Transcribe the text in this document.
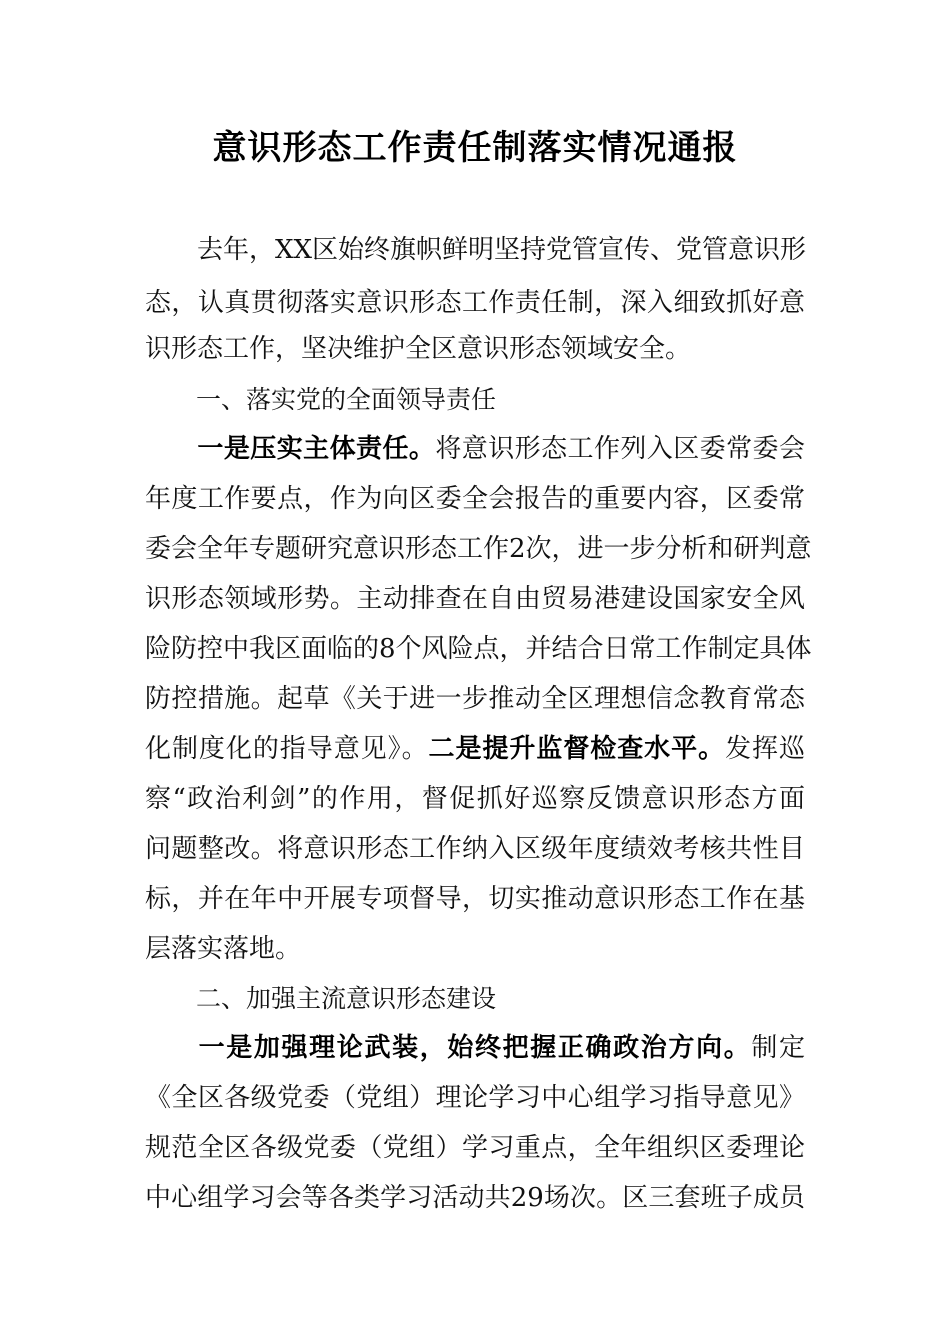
意识形态工作责任制落实情况通报
去年，XX区始终旗帜鲜明坚持党管宣传、党管意识形
态，认真贯彻落实意识形态工作责任制，深入细致抓好意
识形态工作，坚决维护全区意识形态领域安全。
一、落实党的全面领导责任
一是压实主体责任。将意识形态工作列入区委常委会
年度工作要点，作为向区委全会报告的重要内容，区委常
委会全年专题研究意识形态工作2次，进一步分析和研判意
识形态领域形势。主动排查在自由贸易港建设国家安全风
险防控中我区面临的8个风险点，并结合日常工作制定具体
防控措施。起草《关于进一步推动全区理想信念教育常态
化制度化的指导意见》。二是提升监督检查水平。发挥巡
察“政治利剑”的作用，督促抓好巡察反馈意识形态方面
问题整改。将意识形态工作纳入区级年度绩效考核共性目
标，并在年中开展专项督导，切实推动意识形态工作在基
层落实落地。
二、加强主流意识形态建设
一是加强理论武装，始终把握正确政治方向。制定
《全区各级党委（党组）理论学习中心组学习指导意见》
规范全区各级党委（党组）学习重点，全年组织区委理论
中心组学习会等各类学习活动共29场次。区三套班子成员
